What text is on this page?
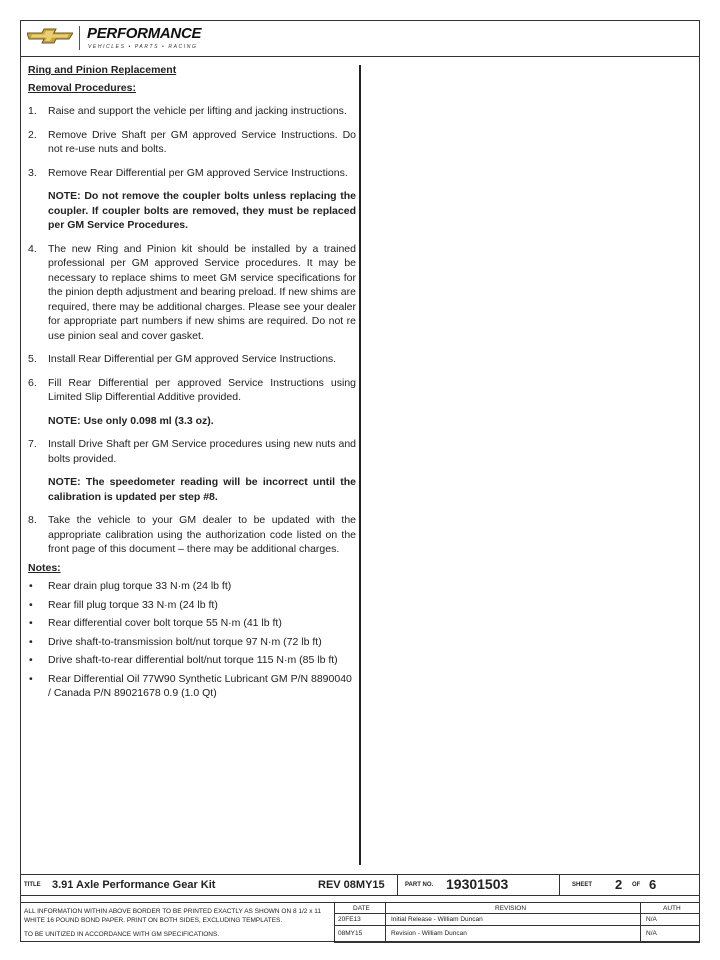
PERFORMANCE
VEHICLES • PARTS • RACING
Ring and Pinion Replacement
Removal Procedures:
1. Raise and support the vehicle per lifting and jacking instructions.
2. Remove Drive Shaft per GM approved Service Instructions. Do not re-use nuts and bolts.
3. Remove Rear Differential per GM approved Service Instructions.
NOTE: Do not remove the coupler bolts unless replacing the coupler. If coupler bolts are removed, they must be replaced per GM Service Procedures.
4. The new Ring and Pinion kit should be installed by a trained professional per GM approved Service procedures. It may be necessary to replace shims to meet GM service specifications for the pinion depth adjustment and bearing preload. If new shims are required, there may be additional charges. Please see your dealer for appropriate part numbers if new shims are required. Do not re use pinion seal and cover gasket.
5. Install Rear Differential per GM approved Service Instructions.
6. Fill Rear Differential per approved Service Instructions using Limited Slip Differential Additive provided.
NOTE: Use only 0.098 ml (3.3 oz).
7. Install Drive Shaft per GM Service procedures using new nuts and bolts provided.
NOTE: The speedometer reading will be incorrect until the calibration is updated per step #8.
8. Take the vehicle to your GM dealer to be updated with the appropriate calibration using the authorization code listed on the front page of this document – there may be additional charges.
Notes:
• Rear drain plug torque 33 N·m (24 lb ft)
• Rear fill plug torque 33 N·m (24 lb ft)
• Rear differential cover bolt torque 55 N·m (41 lb ft)
• Drive shaft-to-transmission bolt/nut torque 97 N·m (72 lb ft)
• Drive shaft-to-rear differential bolt/nut torque 115 N·m (85 lb ft)
• Rear Differential Oil 77W90 Synthetic Lubricant GM P/N 8890040 / Canada P/N 89021678 0.9 (1.0 Qt)
TITLE 3.91 Axle Performance Gear Kit	REV 08MY15	PART NO. 19301503	SHEET 2 OF 6
ALL INFORMATION WITHIN ABOVE BORDER TO BE PRINTED EXACTLY AS SHOWN ON 8 1/2 x 11 WHITE 16 POUND BOND PAPER. PRINT ON BOTH SIDES, EXCLUDING TEMPLATES.
TO BE UNITIZED IN ACCORDANCE WITH GM SPECIFICATIONS.
DATE	REVISION	AUTH
20FE13	Initial Release - William Duncan	N/A
08MY15	Revision - William Duncan	N/A
